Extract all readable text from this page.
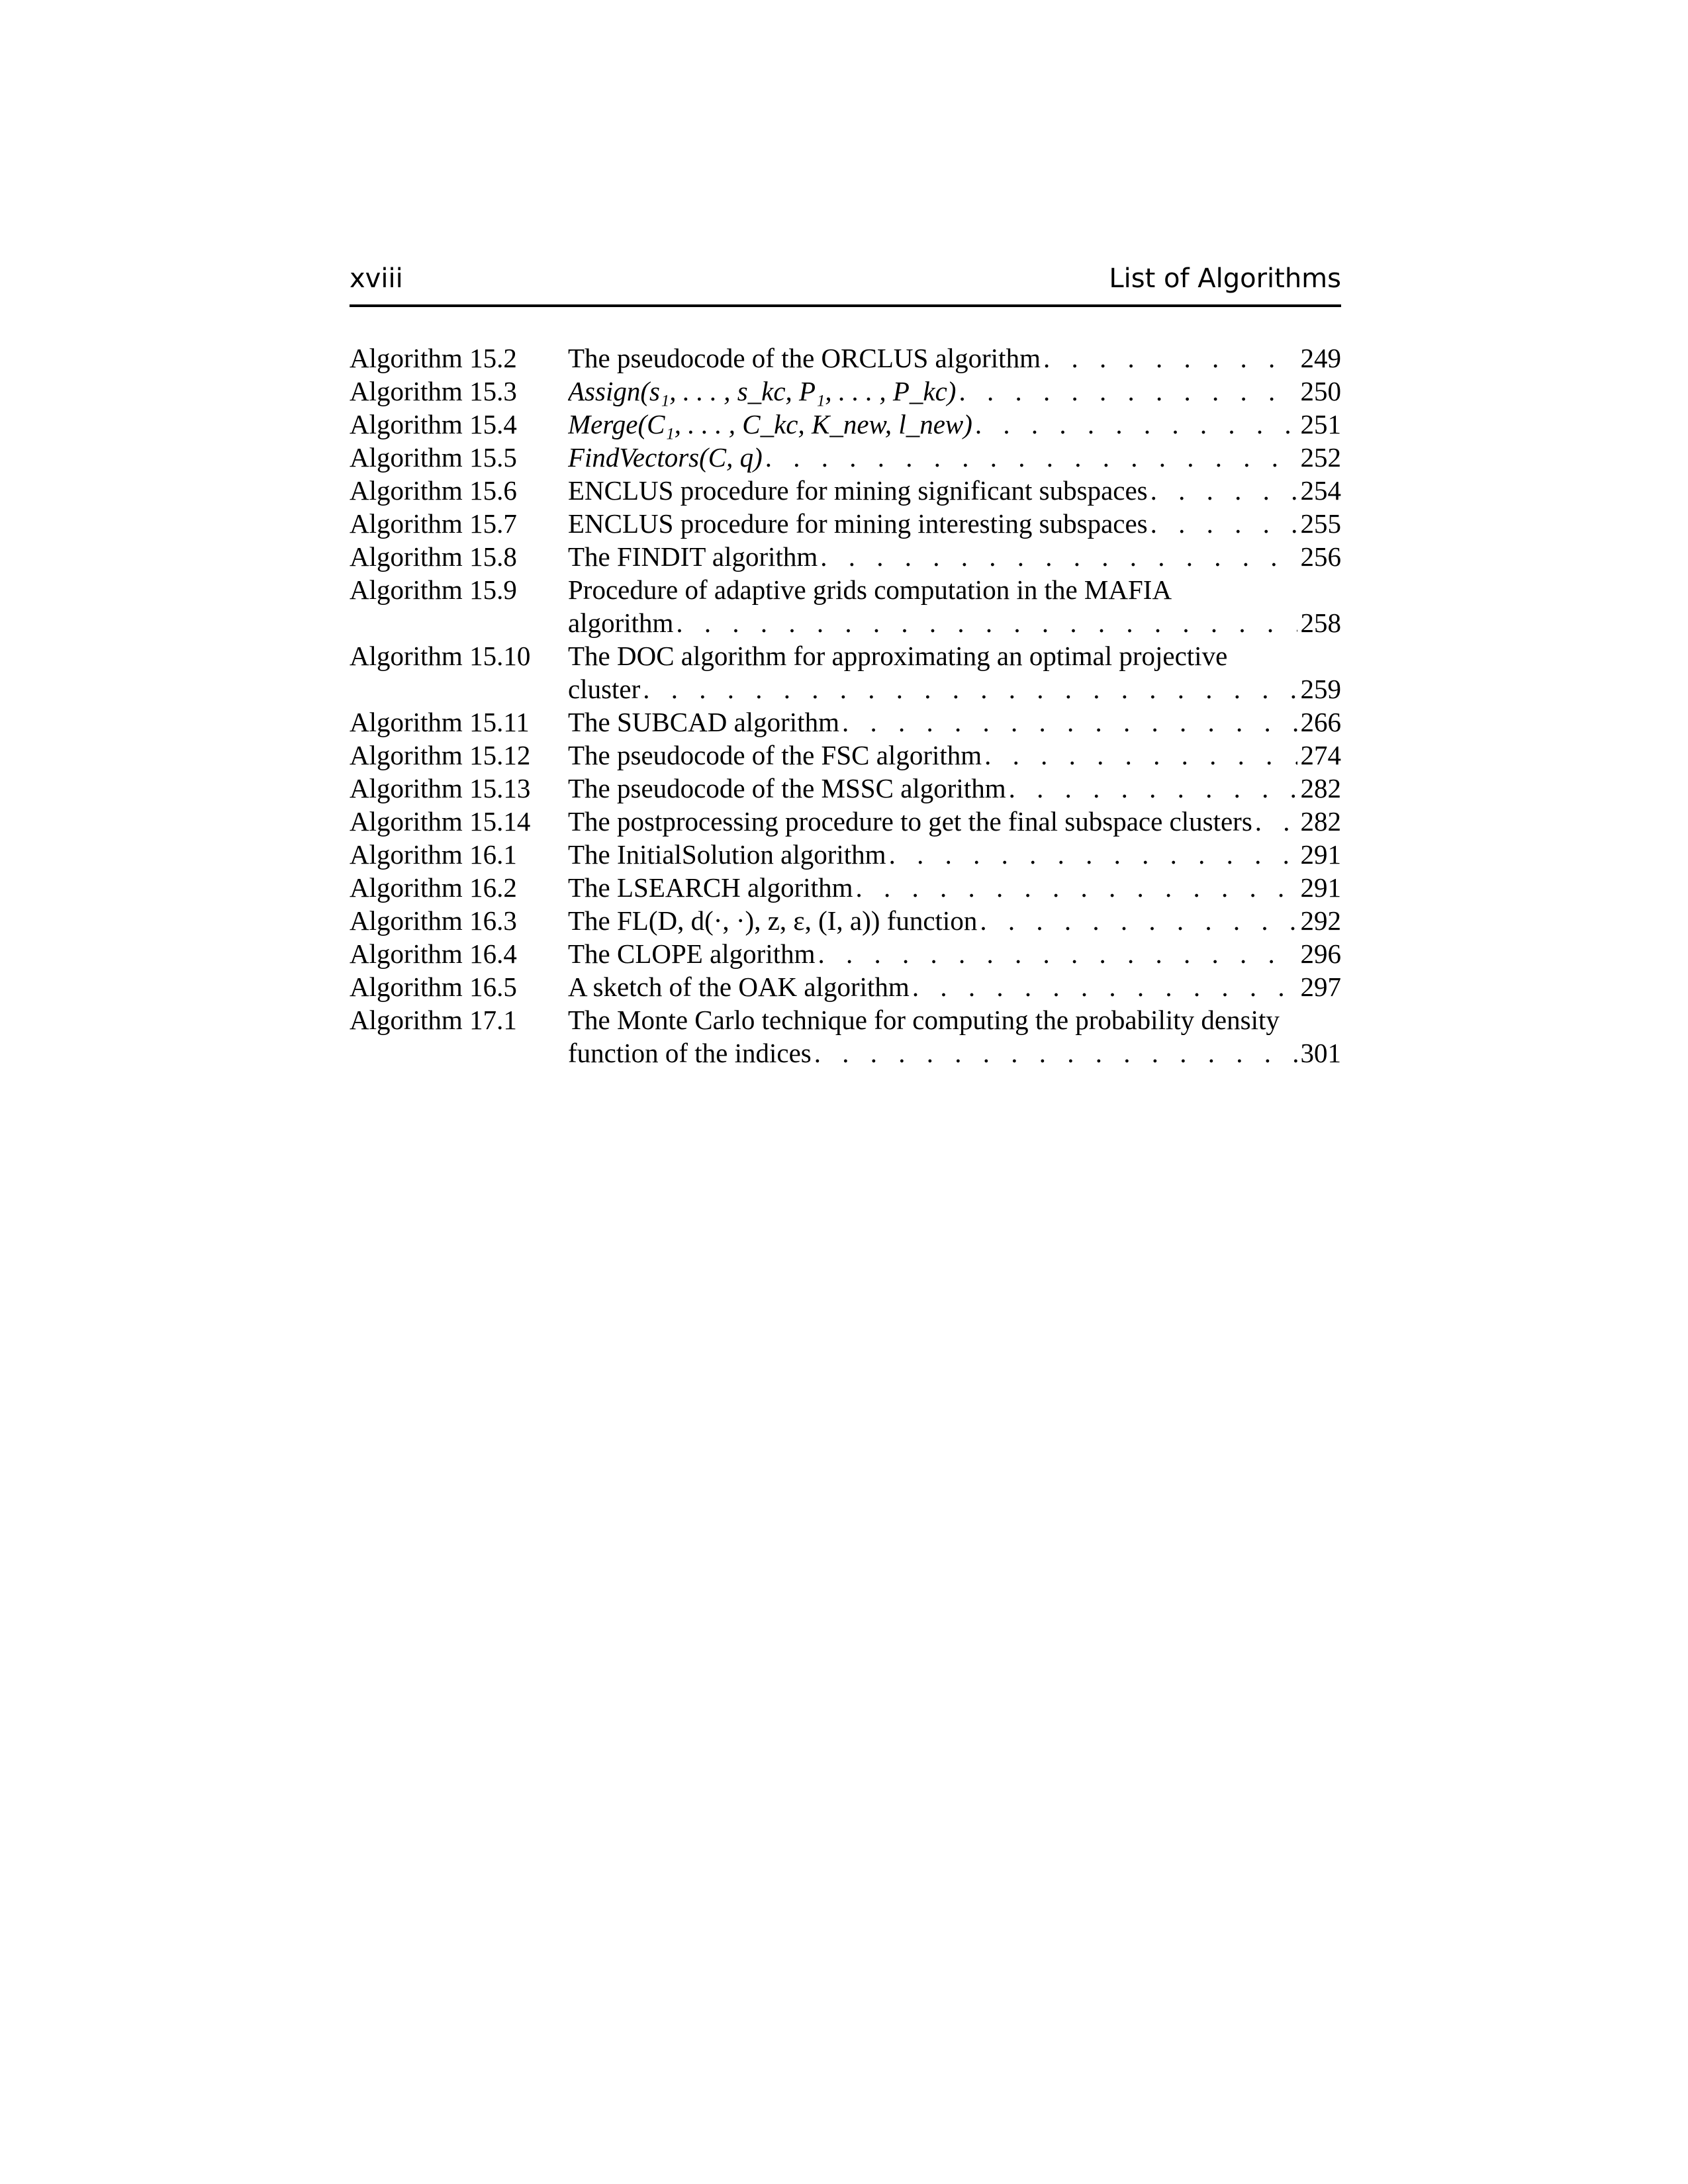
xviii	List of Algorithms
Algorithm 15.2 The pseudocode of the ORCLUS algorithm . . .	249
Algorithm 15.3 Assign(s₁, . . . , s_kc, P₁, . . . , P_kc) . . .	250
Algorithm 15.4 Merge(C₁, . . . , C_kc, K_new, l_new) . . .	251
Algorithm 15.5 FindVectors(C, q) . . .	252
Algorithm 15.6 ENCLUS procedure for mining significant subspaces . . .	254
Algorithm 15.7 ENCLUS procedure for mining interesting subspaces . . .	255
Algorithm 15.8 The FINDIT algorithm . . .	256
Algorithm 15.9 Procedure of adaptive grids computation in the MAFIA
algorithm . . .	258
Algorithm 15.10 The DOC algorithm for approximating an optimal projective
cluster . . .	259
Algorithm 15.11 The SUBCAD algorithm . . .	266
Algorithm 15.12 The pseudocode of the FSC algorithm . . .	274
Algorithm 15.13 The pseudocode of the MSSC algorithm . . .	282
Algorithm 15.14 The postprocessing procedure to get the final subspace clusters . . . 282
Algorithm 16.1 The InitialSolution algorithm . . .	291
Algorithm 16.2 The LSEARCH algorithm . . .	291
Algorithm 16.3 The FL(D, d(·, ·), z, ε, (I, a)) function . . .	292
Algorithm 16.4 The CLOPE algorithm . . .	296
Algorithm 16.5 A sketch of the OAK algorithm . . .	297
Algorithm 17.1 The Monte Carlo technique for computing the probability density
function of the indices . . .	301
